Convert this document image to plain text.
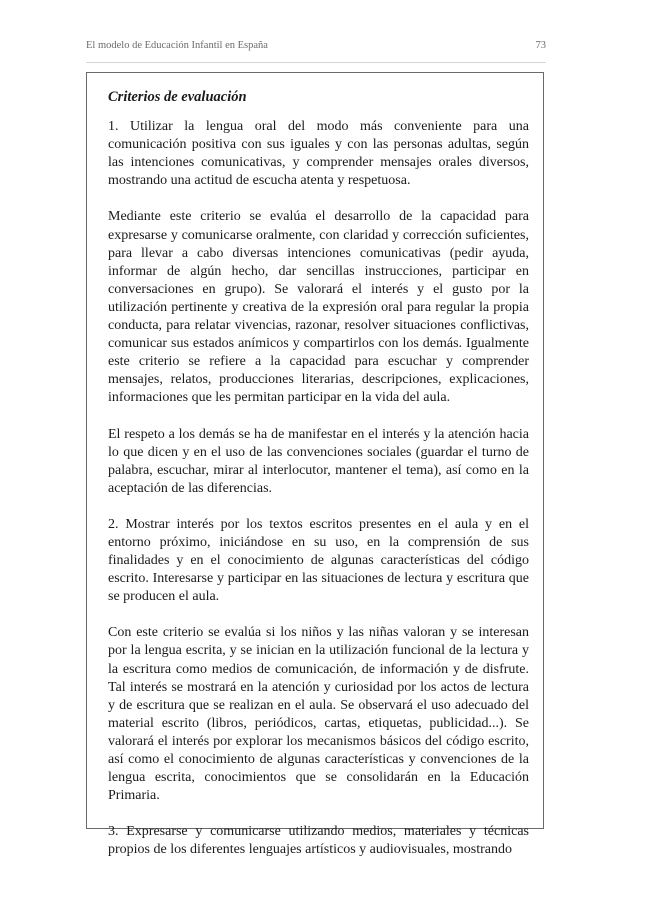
El modelo de Educación Infantil en España	73
Criterios de evaluación

1. Utilizar la lengua oral del modo más conveniente para una comunicación positiva con sus iguales y con las personas adultas, según las intenciones comunicativas, y comprender mensajes orales diversos, mostrando una actitud de escucha atenta y respetuosa.

Mediante este criterio se evalúa el desarrollo de la capacidad para expresarse y comunicarse oralmente, con claridad y corrección suficientes, para llevar a cabo diversas intenciones comunicativas (pedir ayuda, informar de algún hecho, dar sencillas instrucciones, participar en conversaciones en grupo). Se valorará el interés y el gusto por la utilización pertinente y creativa de la expresión oral para regular la propia conducta, para relatar vivencias, razonar, resolver situaciones conflictivas, comunicar sus estados anímicos y compartirlos con los demás. Igualmente este criterio se refiere a la capacidad para escuchar y comprender mensajes, relatos, producciones literarias, descripciones, explicaciones, informaciones que les permitan participar en la vida del aula.

El respeto a los demás se ha de manifestar en el interés y la atención hacia lo que dicen y en el uso de las convenciones sociales (guardar el turno de palabra, escuchar, mirar al interlocutor, mantener el tema), así como en la aceptación de las diferencias.

2. Mostrar interés por los textos escritos presentes en el aula y en el entorno próximo, iniciándose en su uso, en la comprensión de sus finalidades y en el conocimiento de algunas características del código escrito. Interesarse y participar en las situaciones de lectura y escritura que se producen el aula.

Con este criterio se evalúa si los niños y las niñas valoran y se interesan por la lengua escrita, y se inician en la utilización funcional de la lectura y la escritura como medios de comunicación, de información y de disfrute. Tal interés se mostrará en la atención y curiosidad por los actos de lectura y de escritura que se realizan en el aula. Se observará el uso adecuado del material escrito (libros, periódicos, cartas, etiquetas, publicidad...). Se valorará el interés por explorar los mecanismos básicos del código escrito, así como el conocimiento de algunas características y convenciones de la lengua escrita, conocimientos que se consolidarán en la Educación Primaria.

3. Expresarse y comunicarse utilizando medios, materiales y técnicas propios de los diferentes lenguajes artísticos y audiovisuales, mostrando
